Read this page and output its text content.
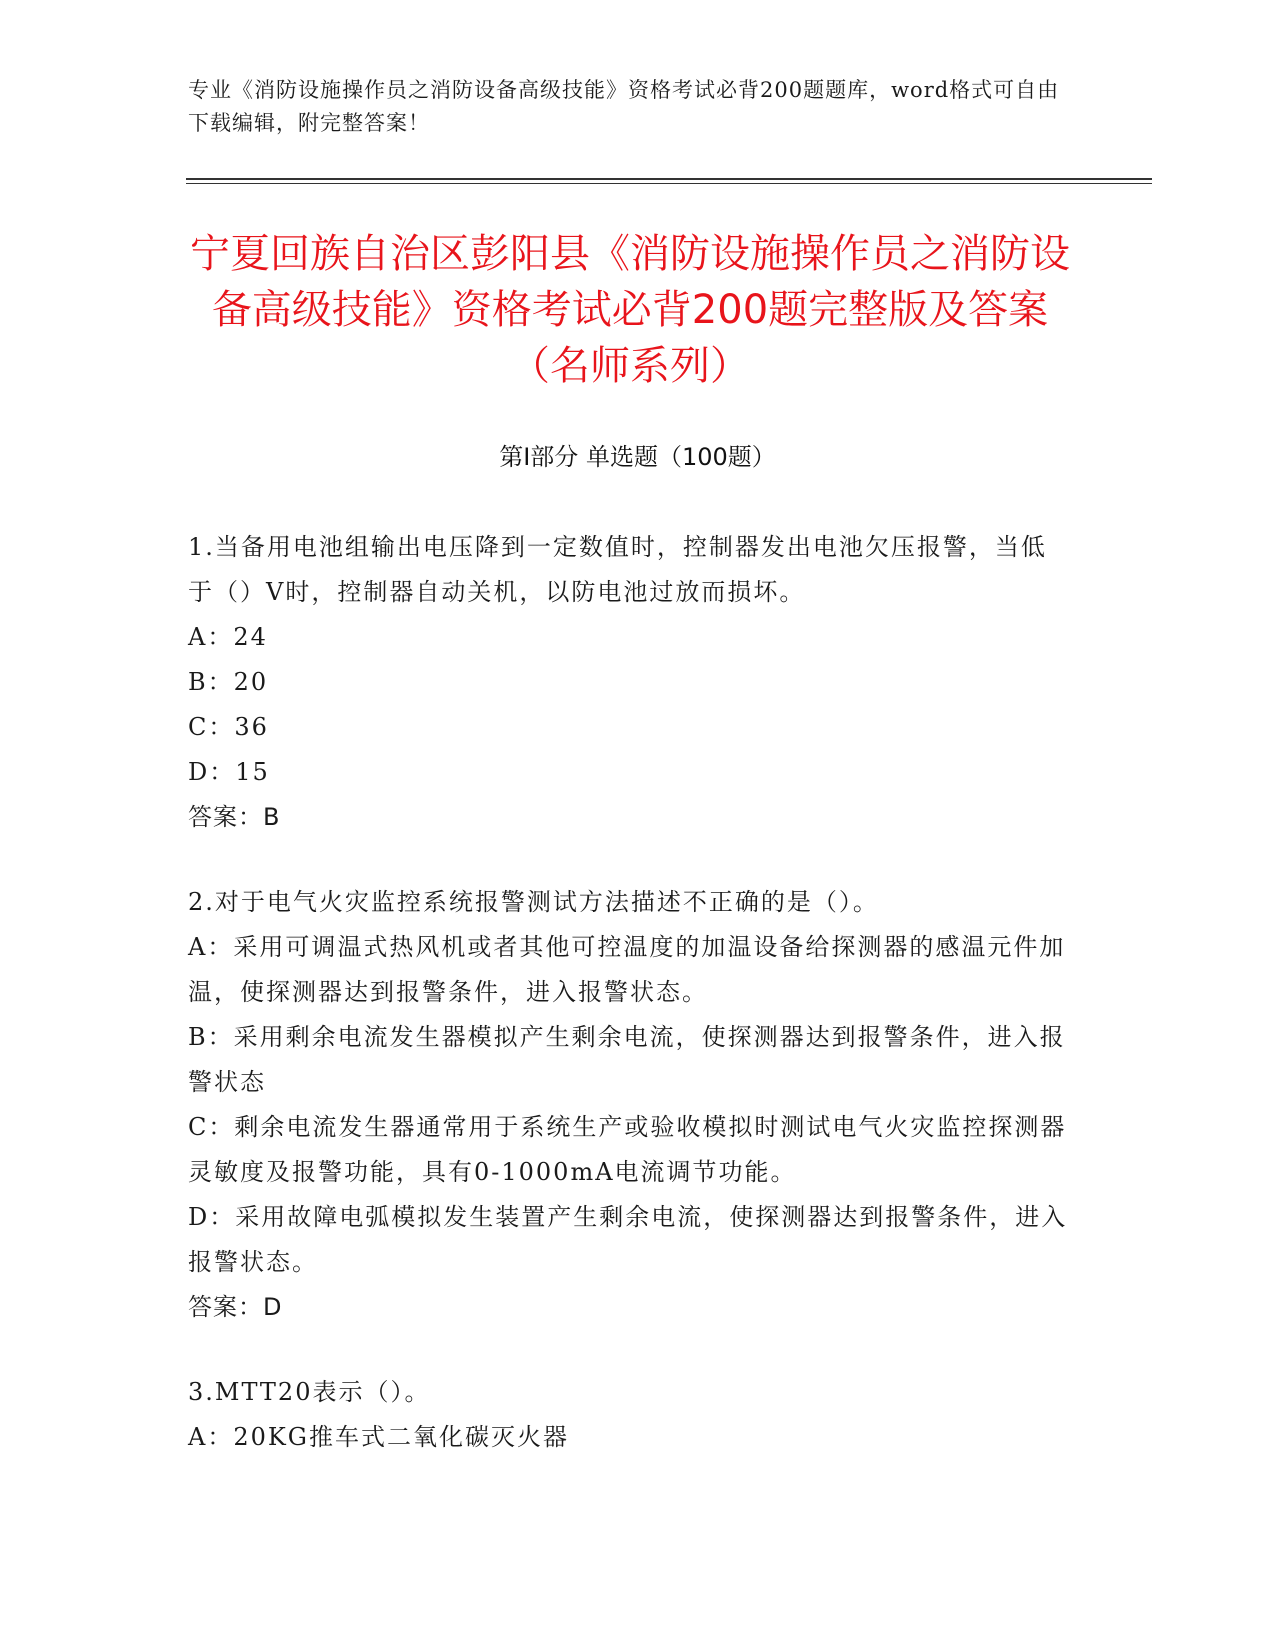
专业《消防设施操作员之消防设备高级技能》资格考试必背200题题库，word格式可自由下载编辑，附完整答案！
宁夏回族自治区彭阳县《消防设施操作员之消防设备高级技能》资格考试必背200题完整版及答案（名师系列）
第I部分 单选题（100题）
1.当备用电池组输出电压降到一定数值时，控制器发出电池欠压报警，当低于（）V时，控制器自动关机，以防电池过放而损坏。
A：24
B：20
C：36
D：15
答案：B
2.对于电气火灾监控系统报警测试方法描述不正确的是（）。
A：采用可调温式热风机或者其他可控温度的加温设备给探测器的感温元件加温，使探测器达到报警条件，进入报警状态。
B：采用剩余电流发生器模拟产生剩余电流，使探测器达到报警条件，进入报警状态
C：剩余电流发生器通常用于系统生产或验收模拟时测试电气火灾监控探测器灵敏度及报警功能，具有0-1000mA电流调节功能。
D：采用故障电弧模拟发生装置产生剩余电流，使探测器达到报警条件，进入报警状态。
答案：D
3.MTT20表示（）。
A：20KG推车式二氧化碳灭火器
